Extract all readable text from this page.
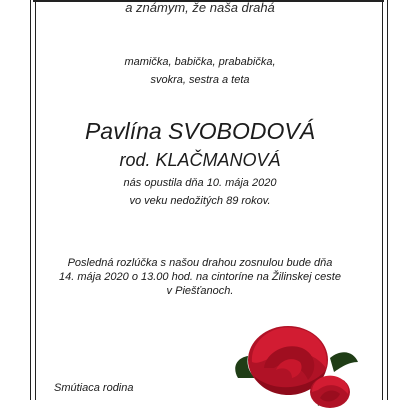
a známym, že naša drahá
mamička, babička, prababička,
svokra, sestra a teta
Pavlína SVOBODOVÁ
rod. KLAČMANOVÁ
nás opustila dňa 10. mája 2020
vo veku nedožitých 89 rokov.
Posledná rozlúčka s našou drahou zosnulou bude dňa
14. mája 2020 o 13.00 hod. na cintoríne na Žilinskej ceste
v Piešťanoch.
Smútiaca rodina
